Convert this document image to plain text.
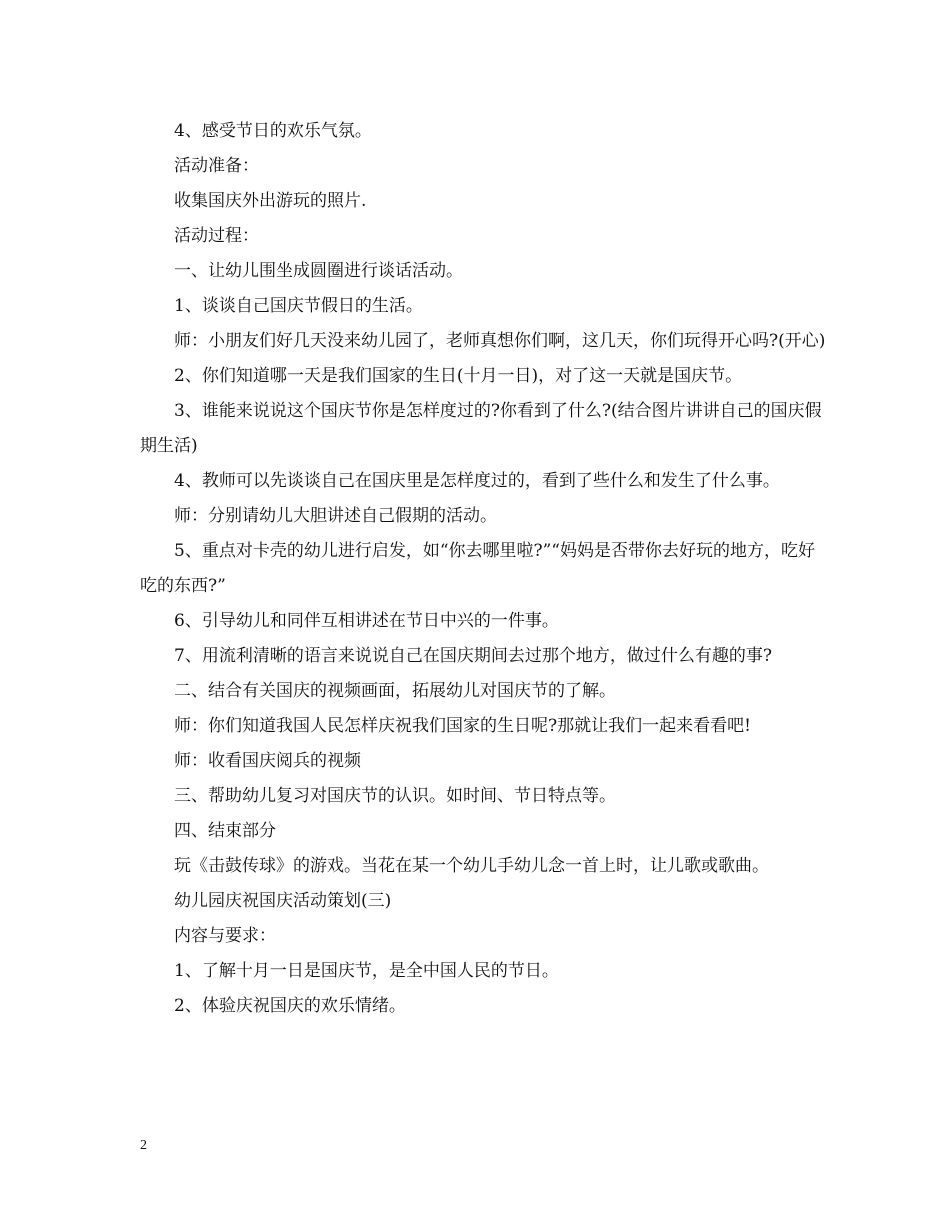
4、感受节日的欢乐气氛。

活动准备：

收集国庆外出游玩的照片.

活动过程：

一、让幼儿围坐成圆圈进行谈话活动。

1、谈谈自己国庆节假日的生活。

师：小朋友们好几天没来幼儿园了，老师真想你们啊，这几天，你们玩得开心吗?(开心)

2、你们知道哪一天是我们国家的生日(十月一日)，对了这一天就是国庆节。

3、谁能来说说这个国庆节你是怎样度过的?你看到了什么?(结合图片讲讲自己的国庆假期生活)

4、教师可以先谈谈自己在国庆里是怎样度过的，看到了些什么和发生了什么事。

师：分别请幼儿大胆讲述自己假期的活动。

5、重点对卡壳的幼儿进行启发，如“你去哪里啦?”“妈妈是否带你去好玩的地方，吃好吃的东西?”

6、引导幼儿和同伴互相讲述在节日中兴的一件事。

7、用流利清晰的语言来说说自己在国庆期间去过那个地方，做过什么有趣的事?

二、结合有关国庆的视频画面，拓展幼儿对国庆节的了解。

师：你们知道我国人民怎样庆祝我们国家的生日呢?那就让我们一起来看看吧!

师：收看国庆阅兵的视频

三、帮助幼儿复习对国庆节的认识。如时间、节日特点等。

四、结束部分

玩《击鼓传球》的游戏。当花在某一个幼儿手幼儿念一首上时，让儿歌或歌曲。

幼儿园庆祝国庆活动策划(三)

内容与要求：

1、了解十月一日是国庆节，是全中国人民的节日。

2、体验庆祝国庆的欢乐情绪。

2
